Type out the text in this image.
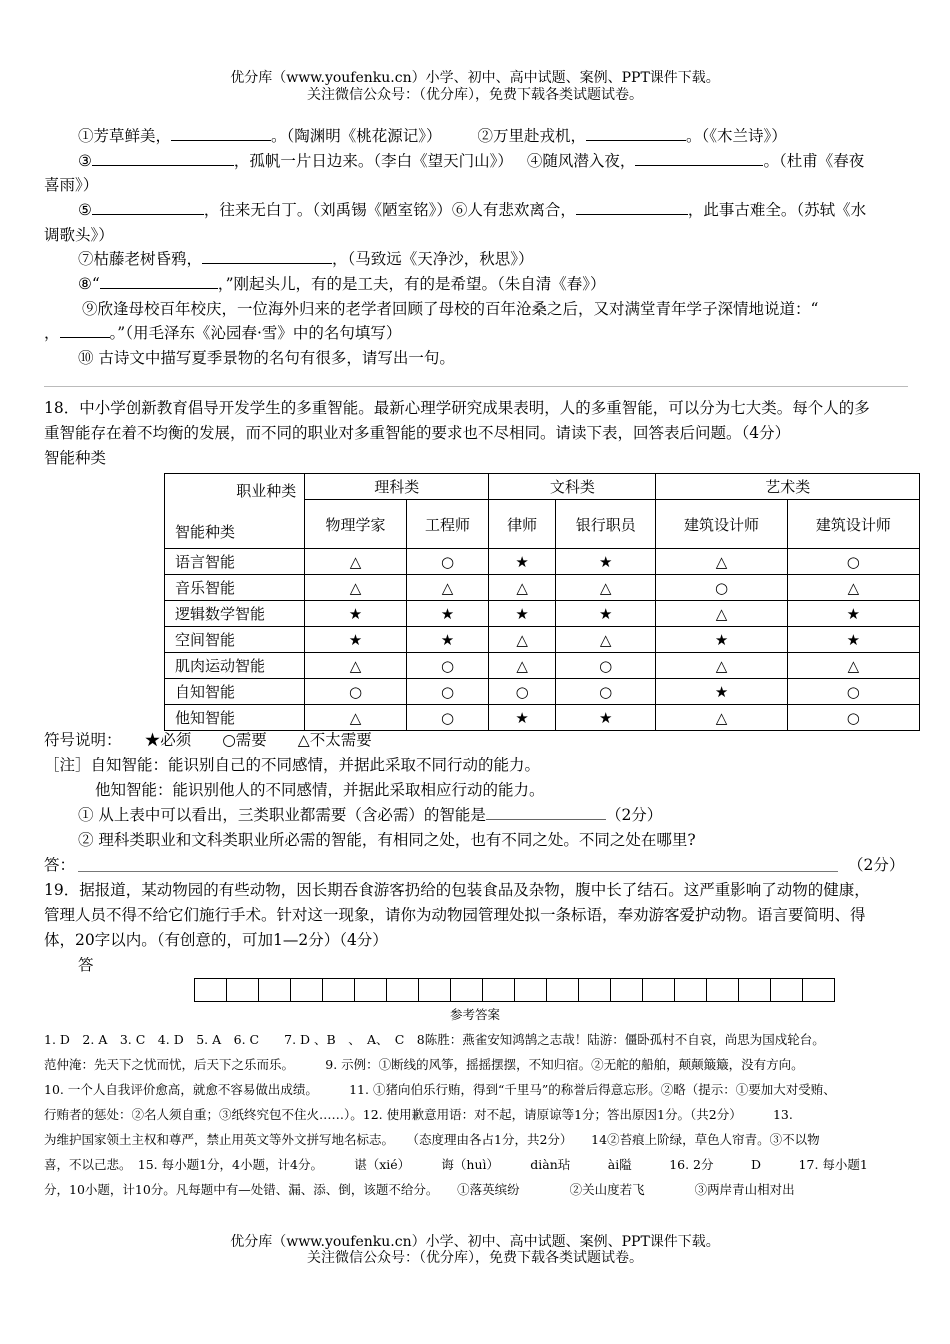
优分库（www.youfenku.cn）小学、初中、高中试题、案例、PPT课件下载。
关注微信公众号：（优分库），免费下载各类试题试卷。
①芳草鲜美，	。（陶渊明《桃花源记》） ②万里赴戎机，	。（《木兰诗》）
③	，孤帆一片日边来。（李白《望天门山》） ④随风潜入夜，	。（杜甫《春夜
喜雨》）
⑤	，往来无白丁。（刘禹锡《陋室铭》）⑥人有悲欢离合，	，此事古难全。（苏轼《水
调歌头》）
⑦枯藤老树昏鸦，	，（马致远《天净沙，秋思》）
⑧“	，”刚起头儿，有的是工夫，有的是希望。（朱自清《春》）
⑨欣逢母校百年校庆，一位海外归来的老学者回顾了母校的百年沧桑之后，又对满堂青年学子深情地说道：“
，	。”（用毛泽东《沁园春·雪》中的名句填写）
⑩ 古诗文中描写夏季景物的名句有很多，请写出一句。
18．中小学创新教育倡导开发学生的多重智能。最新心理学研究成果表明，人的多重智能，可以分为七大类。每个人的多
重智能存在着不均衡的发展，而不同的职业对多重智能的要求也不尽相同。请读下表，回答表后问题。（4分）
智能种类
职业种类
智能种类	理科类		文科类		艺术类	
	物理学家	工程师	律师	银行职员	建筑设计师	建筑设计师
语言智能	△	○	★	★	△	○
音乐智能	△	△	△	△	○	△
逻辑数学智能	★	★	★	★	△	★
空间智能	★	★	△	△	★	★
肌肉运动智能	△	○	△	○	△	△
自知智能	○	○	○	○	★	○
他知智能	△	○	★	★	△	○
符号说明：　　★必须　　○需要　　△不太需要
［注］自知智能：能识别自己的不同感情，并据此采取不同行动的能力。
他知智能：能识别他人的不同感情，并据此采取相应行动的能力。
① 从上表中可以看出，三类职业都需要（含必需）的智能是	（2分）
② 理科类职业和文科类职业所必需的智能，有相同之处，也有不同之处。不同之处在哪里?
答：	（2分）
19．据报道，某动物园的有些动物，因长期吞食游客扔给的包装食品及杂物，腹中长了结石。这严重影响了动物的健康，
管理人员不得不给它们施行手术。针对这一现象，请你为动物园管理处拟一条标语，奉劝游客爱护动物。语言要简明、得
体，20字以内。（有创意的，可加1—2分）（4分）
答
参考答案
1. D　2. A　3. C　4. D　5. A　6. C　　7. D 、B　、　A、　C　8陈胜：燕雀安知鸿鹄之志哉！陆游：僵卧孤村不自哀，尚思为国戍轮台。
范仲淹：先天下之忧而忧，后天下之乐而乐。　　　9. 示例：①断线的风筝，摇摇摆摆，不知归宿。②无舵的船舶，颠颠簸簸，没有方向。
10. 一个人自我评价愈高，就愈不容易做出成绩。　　　11. ①猪向伯乐行贿，得到“千里马”的称誉后得意忘形。②略（提示：①要加大对受贿、
行贿者的惩处：②名人须自重；③纸终究包不住火……）。12. 使用歉意用语：对不起，请原谅等1分；答出原因1分。（共2分）　　　13.
为维护国家领土主权和尊严，禁止用英文等外文拼写地名标志。　　（态度理由各占1分，共2分）　　14②苔痕上阶绿，草色人帘青。③不以物
喜，不以己悲。　15. 每小题1分，4小题，计4分。　　　谌（xié）　　　诲（huì）　　　diàn玷　　　ài隘　　　16. 2分　　　D　　　17. 每小题1
分，10小题，计10分。凡每题中有—处错、漏、添、倒，该题不给分。　　①落英缤纷　　　　②关山度若飞　　　　③两岸青山相对出
优分库（www.youfenku.cn）小学、初中、高中试题、案例、PPT课件下载。
关注微信公众号：（优分库），免费下载各类试题试卷。
